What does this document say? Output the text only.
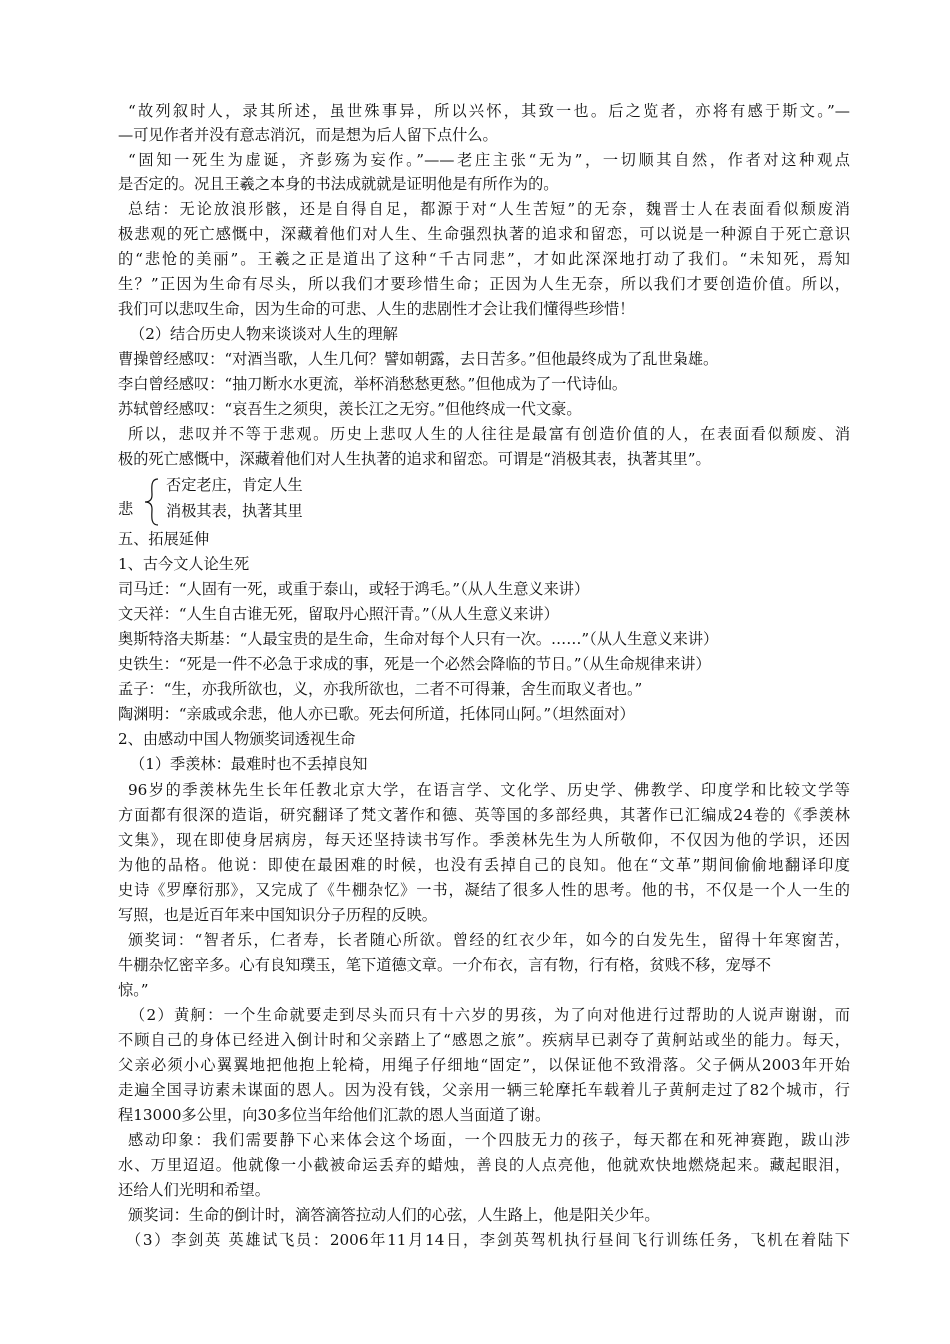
“故列叙时人，录其所述，虽世殊事异，所以兴怀，其致一也。后之览者，亦将有感于斯文。”—
—可见作者并没有意志消沉，而是想为后人留下点什么。
“固知一死生为虚诞，齐彭殇为妄作。”——老庄主张“无为”，一切顺其自然，作者对这种观点
是否定的。况且王羲之本身的书法成就就是证明他是有所作为的。
总结：无论放浪形骸，还是自得自足，都源于对“人生苦短”的无奈，魏晋士人在表面看似颓废消
极悲观的死亡感慨中，深藏着他们对人生、生命强烈执著的追求和留恋，可以说是一种源自于死亡意识
的“悲怆的美丽”。王羲之正是道出了这种“千古同悲”，才如此深深地打动了我们。“未知死，焉知
生？”正因为生命有尽头，所以我们才要珍惜生命；正因为人生无奈，所以我们才要创造价值。所以，
我们可以悲叹生命，因为生命的可悲、人生的悲剧性才会让我们懂得些珍惜！
（2）结合历史人物来谈谈对人生的理解
曹操曾经感叹：“对酒当歌，人生几何？譬如朝露，去日苦多。”但他最终成为了乱世枭雄。
李白曾经感叹：“抽刀断水水更流，举杯消愁愁更愁。”但他成为了一代诗仙。
苏轼曾经感叹：“哀吾生之须臾，羡长江之无穷。”但他终成一代文豪。
所以，悲叹并不等于悲观。历史上悲叹人生的人往往是最富有创造价值的人，在表面看似颓废、消
极的死亡感慨中，深藏着他们对人生执著的追求和留恋。可谓是“消极其表，执著其里”。
悲
否定老庄，肯定人生
消极其表，执著其里
五、拓展延伸
1、古今文人论生死
司马迁：“人固有一死，或重于泰山，或轻于鸿毛。”（从人生意义来讲）
文天祥：“人生自古谁无死，留取丹心照汗青。”（从人生意义来讲）
奥斯特洛夫斯基：“人最宝贵的是生命，生命对每个人只有一次。……”（从人生意义来讲）
史铁生：“死是一件不必急于求成的事，死是一个必然会降临的节日。”（从生命规律来讲）
孟子：“生，亦我所欲也，义，亦我所欲也，二者不可得兼，舍生而取义者也。”
陶渊明：“亲戚或余悲，他人亦已歌。死去何所道，托体同山阿。”（坦然面对）
2、由感动中国人物颁奖词透视生命
（1）季羡林：最难时也不丢掉良知
96岁的季羡林先生长年任教北京大学，在语言学、文化学、历史学、佛教学、印度学和比较文学等
方面都有很深的造诣，研究翻译了梵文著作和德、英等国的多部经典，其著作已汇编成24卷的《季羡林
文集》，现在即使身居病房，每天还坚持读书写作。季羡林先生为人所敬仰，不仅因为他的学识，还因
为他的品格。他说：即使在最困难的时候，也没有丢掉自己的良知。他在“文革”期间偷偷地翻译印度
史诗《罗摩衍那》，又完成了《牛棚杂忆》一书，凝结了很多人性的思考。他的书，不仅是一个人一生的
写照，也是近百年来中国知识分子历程的反映。
颁奖词：“智者乐，仁者寿，长者随心所欲。曾经的红衣少年，如今的白发先生，留得十年寒窗苦，
牛棚杂忆密辛多。心有良知璞玉，笔下道德文章。一介布衣，言有物，行有格，贫贱不移，宠辱不
惊。”
（2）黄舸：一个生命就要走到尽头而只有十六岁的男孩，为了向对他进行过帮助的人说声谢谢，而
不顾自己的身体已经进入倒计时和父亲踏上了“感恩之旅”。疾病早已剥夺了黄舸站或坐的能力。每天，
父亲必须小心翼翼地把他抱上轮椅，用绳子仔细地“固定”，以保证他不致滑落。父子俩从2003年开始
走遍全国寻访素未谋面的恩人。因为没有钱，父亲用一辆三轮摩托车载着儿子黄舸走过了82个城市，行
程13000多公里，向30多位当年给他们汇款的恩人当面道了谢。
感动印象：我们需要静下心来体会这个场面，一个四肢无力的孩子，每天都在和死神赛跑，跋山涉
水、万里迢迢。他就像一小截被命运丢弃的蜡烛，善良的人点亮他，他就欢快地燃烧起来。藏起眼泪，
还给人们光明和希望。
颁奖词：生命的倒计时，滴答滴答拉动人们的心弦，人生路上，他是阳关少年。
（3）李剑英 英雄试飞员：2006年11月14日，李剑英驾机执行昼间飞行训练任务，飞机在着陆下
